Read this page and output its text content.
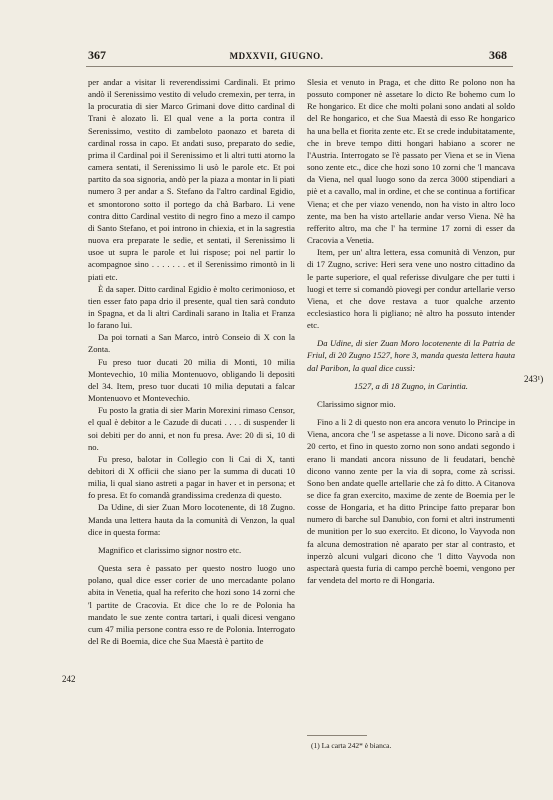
367	MDXXVII, GIUGNO.	368

per andar a visitar li reverendissimi Cardinali. Et primo andò il Serenissimo vestito di veludo cremexin, per terra, in la procuratia di sier Marco Grimani dove ditto cardinal di Trani è alozato lì. El qual vene a la porta contra il Serenissimo, vestito di zambeloto paonazo et bareta di cardinal rossa in capo. Et andati suso, preparato do sedie, prima il Cardinal poi il Serenissimo et li altri tutti atorno la camera sentati, il Serenissimo li usò le parole etc. Et poi partito da soa signoria, andò per la piaza a montar in li piati numero 3 per andar a S. Stefano da l'altro cardinal Egidio, et smontorono sotto il portego da chà Barbaro. Li vene contra ditto Cardinal vestito di negro fino a mezo il campo di Santo Stefano, et poi introno in chiexia, et in la sagrestia nuova era preparate le sedie, et sentati, il Serenissimo li usoe ut supra le parole et lui rispose; poi nel partir lo acompagnoe sino . . . . . . . et il Serenissimo rimontò in li piati etc.

È da saper. Ditto cardinal Egidio è molto cerimonioso, et tien esser fato papa drio il presente, qual tien sarà conduto in Spagna, et da li altri Cardinali sarano in Italia et Franza lo farano lui.

Da poi tornati a San Marco, intrò Conseio di X con la Zonta.

Fu preso tuor ducati 20 milia di Monti, 10 milia Montevechio, 10 milia Montenuovo, obligando li depositi del 34. Item, preso tuor ducati 10 milia deputati a falcar Montenuovo et Montevechio.

Fu posto la gratia di sier Marin Morexini rimaso Censor, el qual è debitor a le Cazude di ducati . . . . di suspender li soi debiti per do anni, et non fu presa. Ave: 20 di sì, 10 di no.

Fu preso, balotar in Collegio con li Cai di X, tanti debitori di X officii che siano per la summa di ducati 10 milia, li qual siano astreti a pagar in haver et in persona; et fo presa. Et fo comandà grandissima credenza di questo.

Da Udine, di sier Zuan Moro locotenente, di 18 Zugno. Manda una lettera hauta da la comunità di Venzon, la qual dice in questa forma:

Magnifico et clarissimo signor nostro etc.

Questa sera è passato per questo nostro luogo uno polano, qual dice esser corier de uno mercadante polano abita in Venetia, qual ha referito che hozi sono 14 zorni che 'l partite de Cracovia. Et dice che lo re de Polonia ha mandato le sue zente contra tartari, i quali dicesi vengano cum 47 milia persone contra esso re de Polonia. Interrogato del Re di Boemia, dice che Sua Maestà è partito de

Slesia et venuto in Praga, et che ditto Re polono non ha possuto componer nè assetare lo dicto Re bohemo cum lo Re hongarico. Et dice che molti polani sono andati al soldo del Re hongarico, et che Sua Maestà di esso Re hongarico ha una bella et fiorita zente etc. Et se crede indubitatamente, che in breve tempo ditti hongari habiano a scorer ne l'Austria. Interrogato se l'è passato per Viena et se in Viena sono zente etc., dice che hozi sono 10 zorni che 'l mancava da Viena, nel qual luogo sono da zerca 3000 stipendiari a piè et a cavallo, mal in ordine, et che se continua a fortificar Viena; et che per viazo venendo, non ha visto in altro loco zente, ma ben ha visto artellarie andar verso Viena. Nè ha refferito altro, ma che l' ha termine 17 zorni di esser da Cracovia a Venetia.

Item, per un' altra lettera, essa comunità di Venzon, pur di 17 Zugno, scrive: Heri sera vene uno nostro cittadino da le parte superiore, el qual referisse divulgare che per tutti i luogi et terre si comandò piovegi per condur artellarie verso Viena, et che dove restava a tuor qualche arzento ecclesiastico hora li pigliano; nè altro ha possuto intender etc.

Da Udine, di sier Zuan Moro locotenente di la Patria de Friul, di 20 Zugno 1527, hore 3, manda questa lettera hauta dal Paribon, la qual dice cussì:

1527, a dì 18 Zugno, in Carintia.

Clarissimo signor mio.

Fino a li 2 di questo non era ancora venuto lo Principe in Viena, ancora che 'l se aspetasse a li nove. Dicono sarà a dì 20 certo, et fino in questo zorno non sono andati segondo i erano li mandati ancora nissuno de li feudatari, benchè dicono vanno zente per la via di sopra, come zà scrissi. Sono ben andate quelle artellarie che zà fo ditto. A Citanova se dice fa gran exercito, maxime de zente de Boemia per le cosse de Hongaria, et ha ditto Principe fatto preparar bon numero di barche sul Danubio, con forni et altri instrumenti de munition per lo suo exercito. Et dicono, lo Vayvoda non fa alcuna demostration nè aparato per star al contrasto, et inperzò alcuni vulgari dicono che 'l ditto Vayvoda non aspectarà questa furia di campo perchè boemi, vengono per far vendeta del morto re di Hongaria.

242
243¹)
(1) La carta 242* è bianca.
